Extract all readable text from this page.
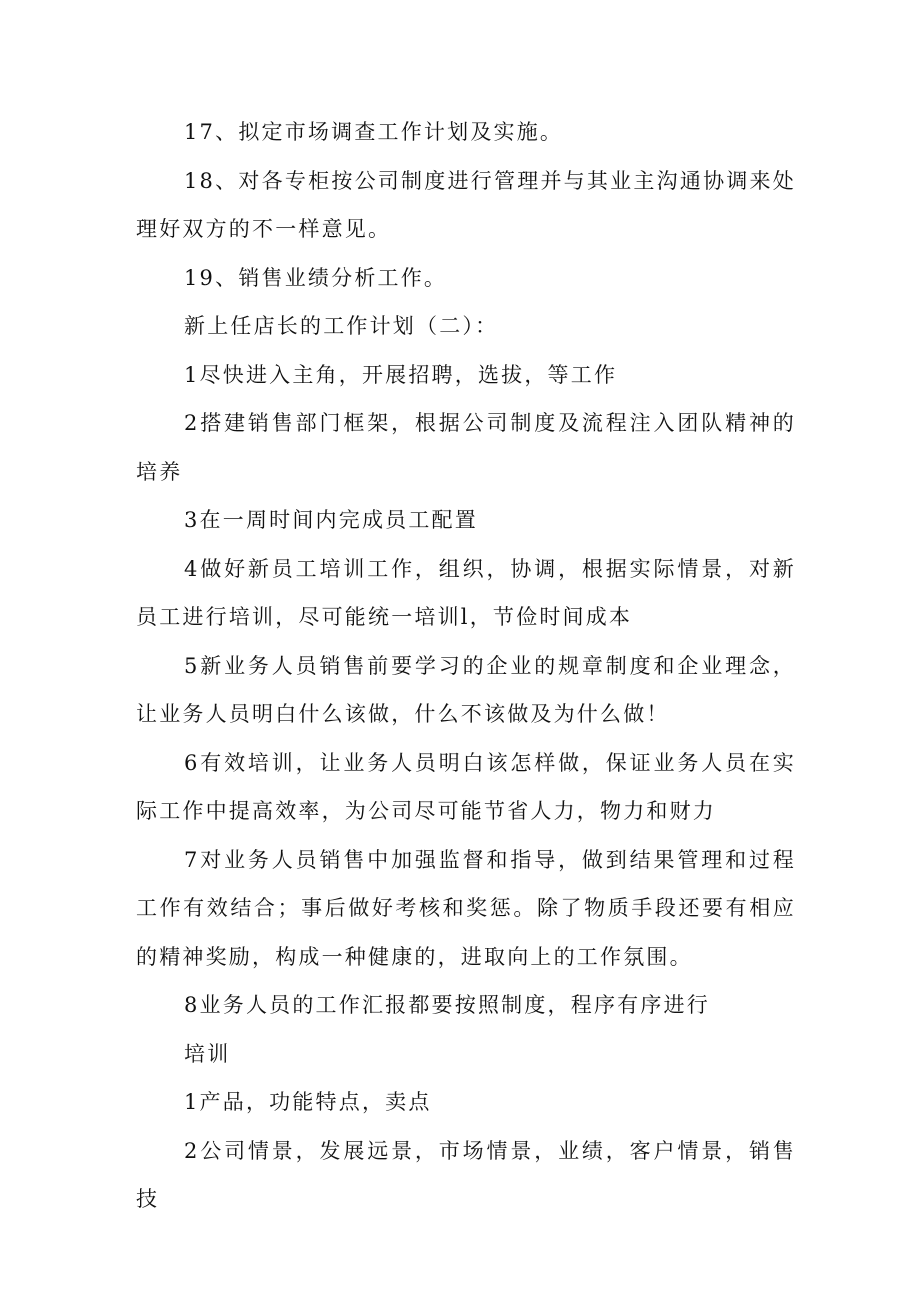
17、拟定市场调查工作计划及实施。

18、对各专柜按公司制度进行管理并与其业主沟通协调来处理好双方的不一样意见。

19、销售业绩分析工作。

新上任店长的工作计划（二）：

1尽快进入主角，开展招聘，选拔，等工作

2搭建销售部门框架，根据公司制度及流程注入团队精神的培养

3在一周时间内完成员工配置

4做好新员工培训工作，组织，协调，根据实际情景，对新员工进行培训，尽可能统一培训l，节俭时间成本

5新业务人员销售前要学习的企业的规章制度和企业理念，让业务人员明白什么该做，什么不该做及为什么做！

6有效培训，让业务人员明白该怎样做，保证业务人员在实际工作中提高效率，为公司尽可能节省人力，物力和财力

7对业务人员销售中加强监督和指导，做到结果管理和过程工作有效结合；事后做好考核和奖惩。除了物质手段还要有相应的精神奖励，构成一种健康的，进取向上的工作氛围。

8业务人员的工作汇报都要按照制度，程序有序进行

培训

1产品，功能特点，卖点

2公司情景，发展远景，市场情景，业绩，客户情景，销售技
